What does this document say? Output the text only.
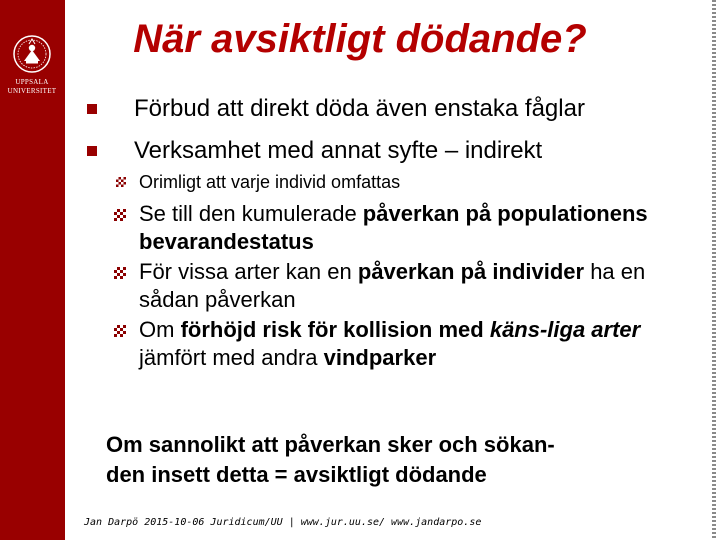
UPPSALA
UNIVERSITET
När avsiktligt dödande?
Förbud att direkt döda även enstaka fåglar
Verksamhet med annat syfte – indirekt
Orimligt att varje individ omfattas
Se till den kumulerade påverkan på populationens bevarandestatus
För vissa arter kan en påverkan på individer ha en sådan påverkan
Om förhöjd risk för kollision med käns-liga arter jämfört med andra vindparker
Om sannolikt att påverkan sker och sökan-
den insett detta = avsiktligt dödande
Jan Darpö 2015-10-06 Juridicum/UU | www.jur.uu.se/ www.jandarpo.se
